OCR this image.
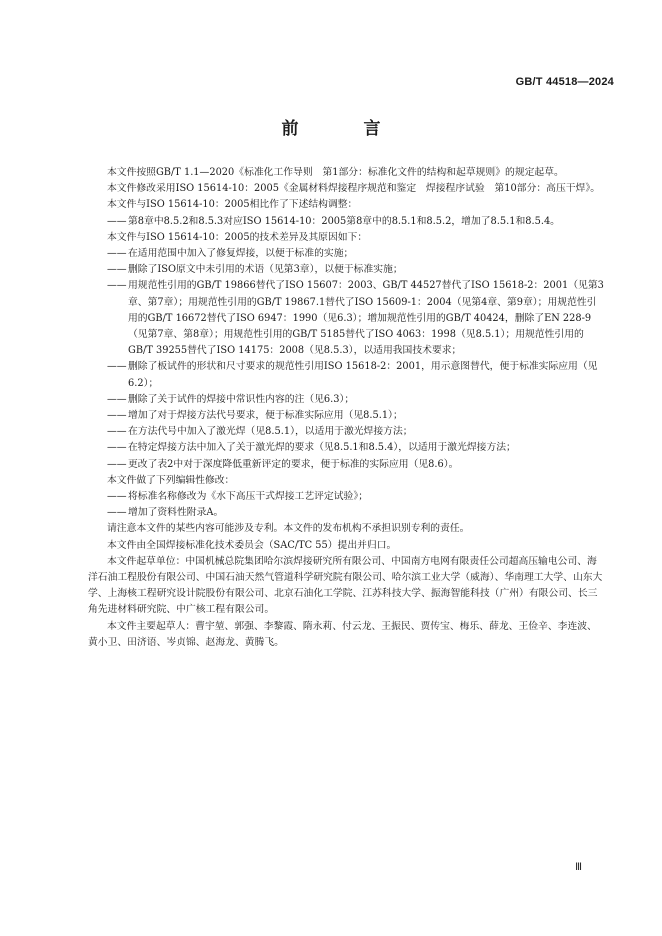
GB/T 44518—2024
前　言

本文件按照GB/T 1.1—2020《标准化工作导则　第1部分：标准化文件的结构和起草规则》的规定起草。

本文件修改采用ISO 15614-10：2005《金属材料焊接程序规范和鉴定　焊接程序试验　第10部分：高压干焊》。

本文件与ISO 15614-10：2005相比作了下述结构调整：

——第8章中8.5.2和8.5.3对应ISO 15614-10：2005第8章中的8.5.1和8.5.2，增加了8.5.1和8.5.4。

本文件与ISO 15614-10：2005的技术差异及其原因如下：

——在适用范围中加入了修复焊接，以便于标准的实施；

——删除了ISO原文中未引用的术语（见第3章），以便于标准实施；

——用规范性引用的GB/T 19866替代了ISO 15607：2003、GB/T 44527替代了ISO 15618-2：2001（见第3章、第7章）；用规范性引用的GB/T 19867.1替代了ISO 15609-1：2004（见第4章、第9章）；用规范性引用的GB/T 16672替代了ISO 6947：1990（见6.3）；增加规范性引用的GB/T 40424，删除了EN 228-9（见第7章、第8章）；用规范性引用的GB/T 5185替代了ISO 4063：1998（见8.5.1）；用规范性引用的GB/T 39255替代了ISO 14175：2008（见8.5.3），以适用我国技术要求；

——删除了板试件的形状和尺寸要求的规范性引用ISO 15618-2：2001，用示意图替代，便于标准实际应用（见6.2）；

——删除了关于试件的焊接中常识性内容的注（见6.3）；

——增加了对于焊接方法代号要求，便于标准实际应用（见8.5.1）；

——在方法代号中加入了激光焊（见8.5.1），以适用于激光焊接方法；

——在特定焊接方法中加入了关于激光焊的要求（见8.5.1和8.5.4），以适用于激光焊接方法；

——更改了表2中对于深度降低重新评定的要求，便于标准的实际应用（见8.6）。

本文件做了下列编辑性修改：

——将标准名称修改为《水下高压干式焊接工艺评定试验》；

——增加了资料性附录A。

请注意本文件的某些内容可能涉及专利。本文件的发布机构不承担识别专利的责任。

本文件由全国焊接标准化技术委员会（SAC/TC 55）提出并归口。

本文件起草单位：中国机械总院集团哈尔滨焊接研究所有限公司、中国南方电网有限责任公司超高压输电公司、海洋石油工程股份有限公司、中国石油天然气管道科学研究院有限公司、哈尔滨工业大学（威海）、华南理工大学、山东大学、上海核工程研究设计院股份有限公司、北京石油化工学院、江苏科技大学、振海智能科技（广州）有限公司、长三角先进材料研究院、中广核工程有限公司。

本文件主要起草人：曹宇堃、郭强、李黎霞、隋永莉、付云龙、王振民、贾传宝、梅乐、薛龙、王俭辛、李连波、黄小卫、田济语、岑贞锦、赵海龙、黄腾飞。

Ⅲ
